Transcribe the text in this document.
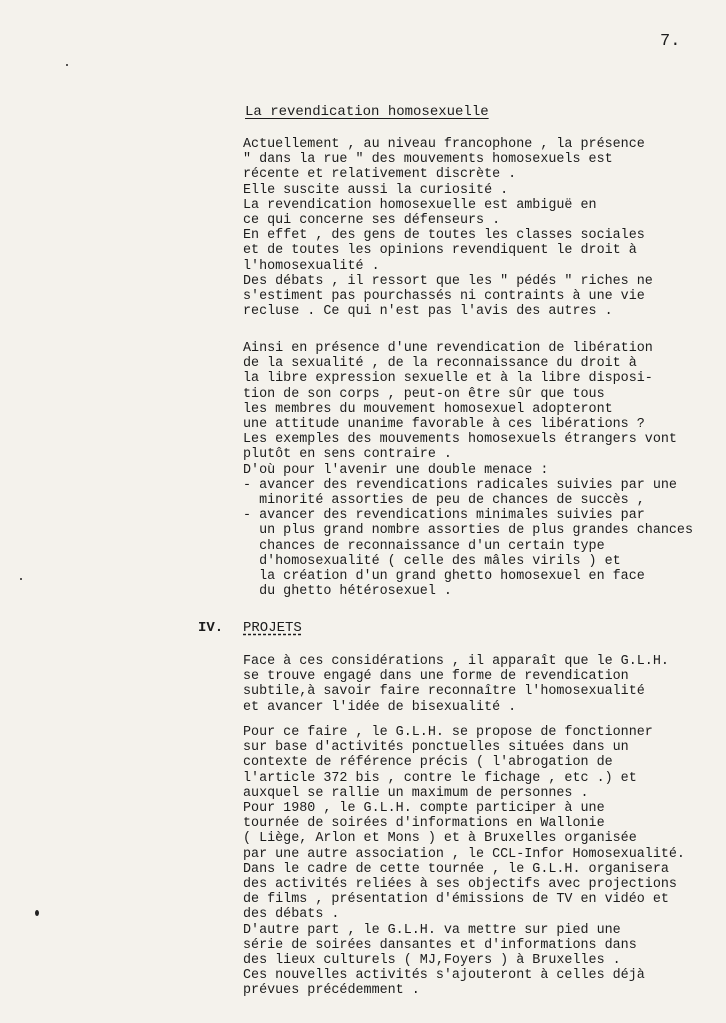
7.
La revendication homosexuelle
Actuellement , au niveau francophone , la présence
" dans la rue " des mouvements homosexuels est
récente et relativement discrète .
Elle suscite aussi la curiosité .
La revendication homosexuelle est ambiguë en
ce qui concerne ses défenseurs .
En effet , des gens de toutes les classes sociales
et de toutes les opinions revendiquent le droit à
l'homosexualité .
Des débats , il ressort que les " pédés " riches ne
s'estiment pas pourchassés ni contraints à une vie
recluse . Ce qui n'est pas l'avis des autres .
Ainsi en présence d'une revendication de libération
de la sexualité , de la reconnaissance du droit à
la libre expression sexuelle et à la libre disposi-
tion de son corps , peut-on être sûr que tous
les membres du mouvement homosexuel adopteront
une attitude unanime favorable à ces libérations ?
Les exemples des mouvements homosexuels étrangers vont
plutôt en sens contraire .
D'où pour l'avenir une double menace :
- avancer des revendications radicales suivies par une
minorité assorties de peu de chances de succès ,
- avancer des revendications minimales suivies par
un plus grand nombre assorties de plus grandes chances
chances de reconnaissance d'un certain type
d'homosexualité ( celle des mâles virils ) et
la création d'un grand ghetto homosexuel en face
du ghetto hétérosexuel .
IV. PROJETS
Face à ces considérations , il apparaît que le G.L.H.
se trouve engagé dans une forme de revendication
subtile,à savoir faire reconnaître l'homosexualité
et avancer l'idée de bisexualité .
Pour ce faire , le G.L.H. se propose de fonctionner
sur base d'activités ponctuelles situées dans un
contexte de référence précis ( l'abrogation de
l'article 372 bis , contre le fichage , etc .) et
auxquel se rallie un maximum de personnes .
Pour 1980 , le G.L.H. compte participer à une
tournée de soirées d'informations en Wallonie
( Liège, Arlon et Mons ) et à Bruxelles organisée
par une autre association , le CCL-Infor Homosexualité.
Dans le cadre de cette tournée , le G.L.H. organisera
des activités reliées à ses objectifs avec projections
de films , présentation d'émissions de TV en vidéo et
des débats .
D'autre part , le G.L.H. va mettre sur pied une
série de soirées dansantes et d'informations dans
des lieux culturels ( MJ,Foyers ) à Bruxelles .
Ces nouvelles activités s'ajouteront à celles déjà
prévues précédemment .
